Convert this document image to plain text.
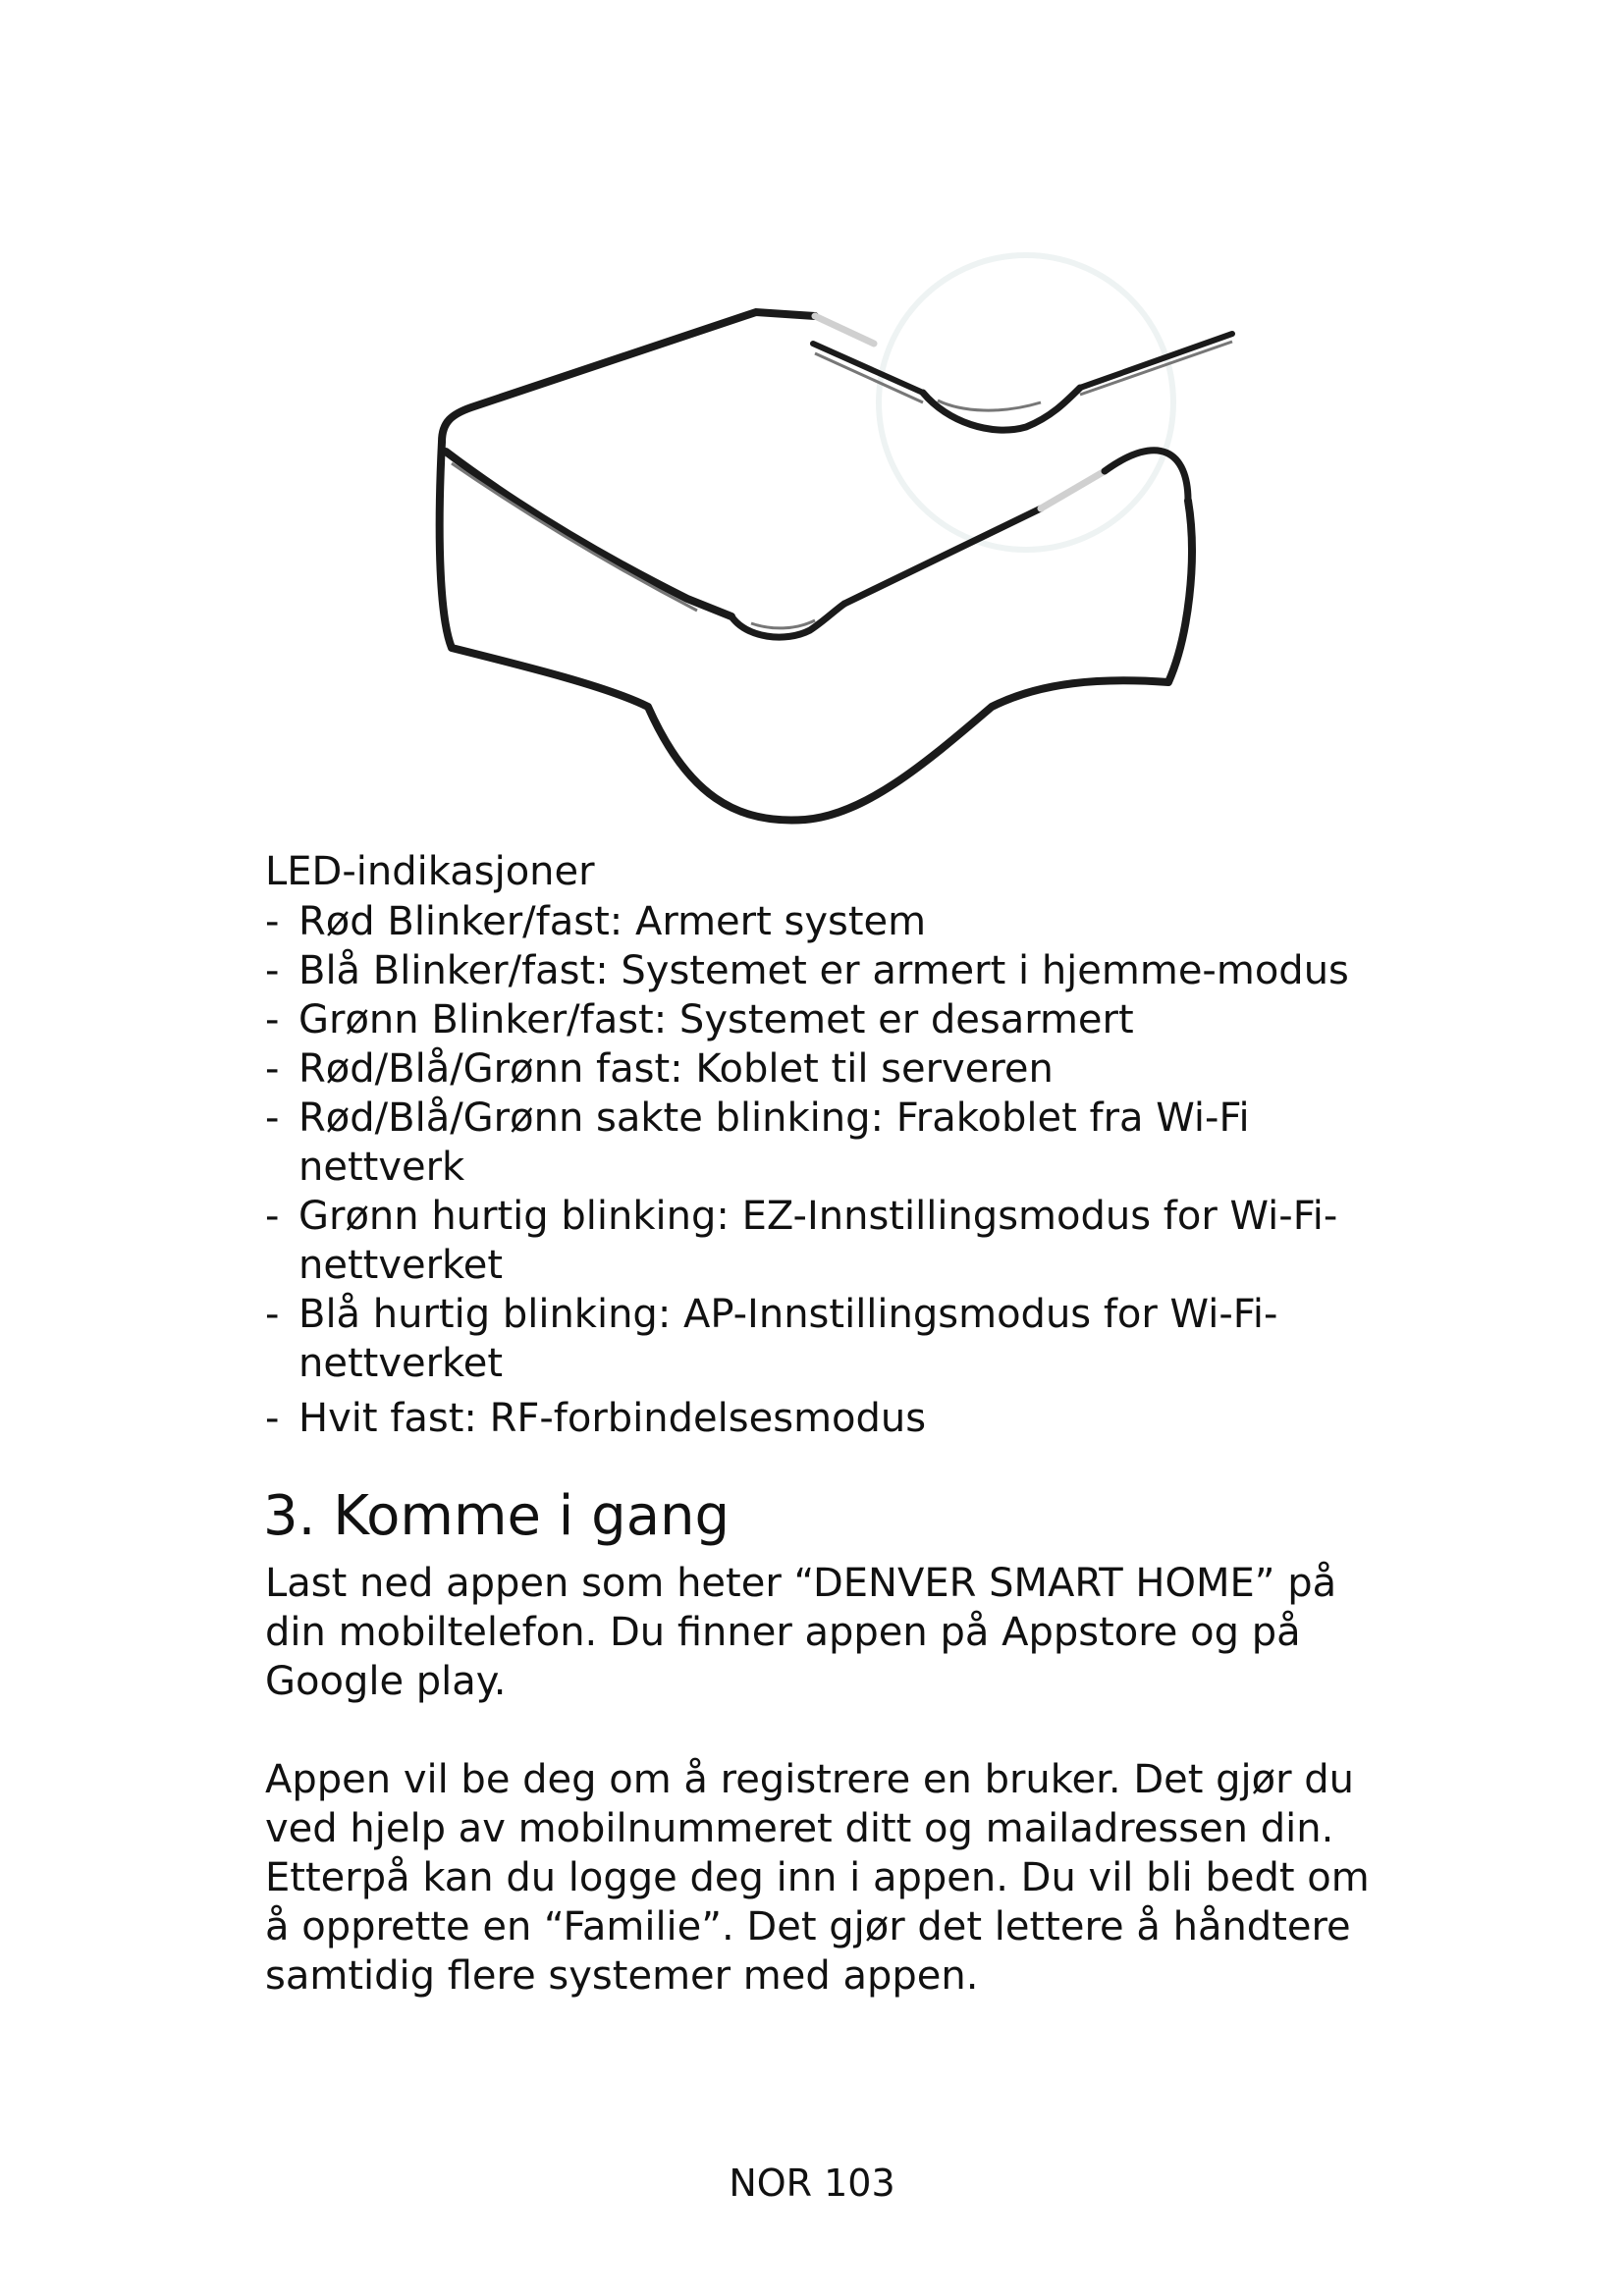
LED-indikasjoner
- Rød Blinker/fast: Armert system
- Blå Blinker/fast: Systemet er armert i hjemme-modus
- Grønn Blinker/fast: Systemet er desarmert
- Rød/Blå/Grønn fast: Koblet til serveren
- Rød/Blå/Grønn sakte blinking: Frakoblet fra Wi-Fi nettverk
- Grønn hurtig blinking: EZ-Innstillingsmodus for Wi-Fi-nettverket
- Blå hurtig blinking: AP-Innstillingsmodus for Wi-Fi-nettverket
- Hvit fast: RF-forbindelsesmodus
3. Komme i gang

Last ned appen som heter “DENVER SMART HOME” på din mobiltelefon. Du finner appen på Appstore og på Google play.

Appen vil be deg om å registrere en bruker. Det gjør du ved hjelp av mobilnummeret ditt og mailadressen din. Etterpå kan du logge deg inn i appen. Du vil bli bedt om å opprette en “Familie”. Det gjør det lettere å håndtere samtidig flere systemer med appen.

NOR 103
